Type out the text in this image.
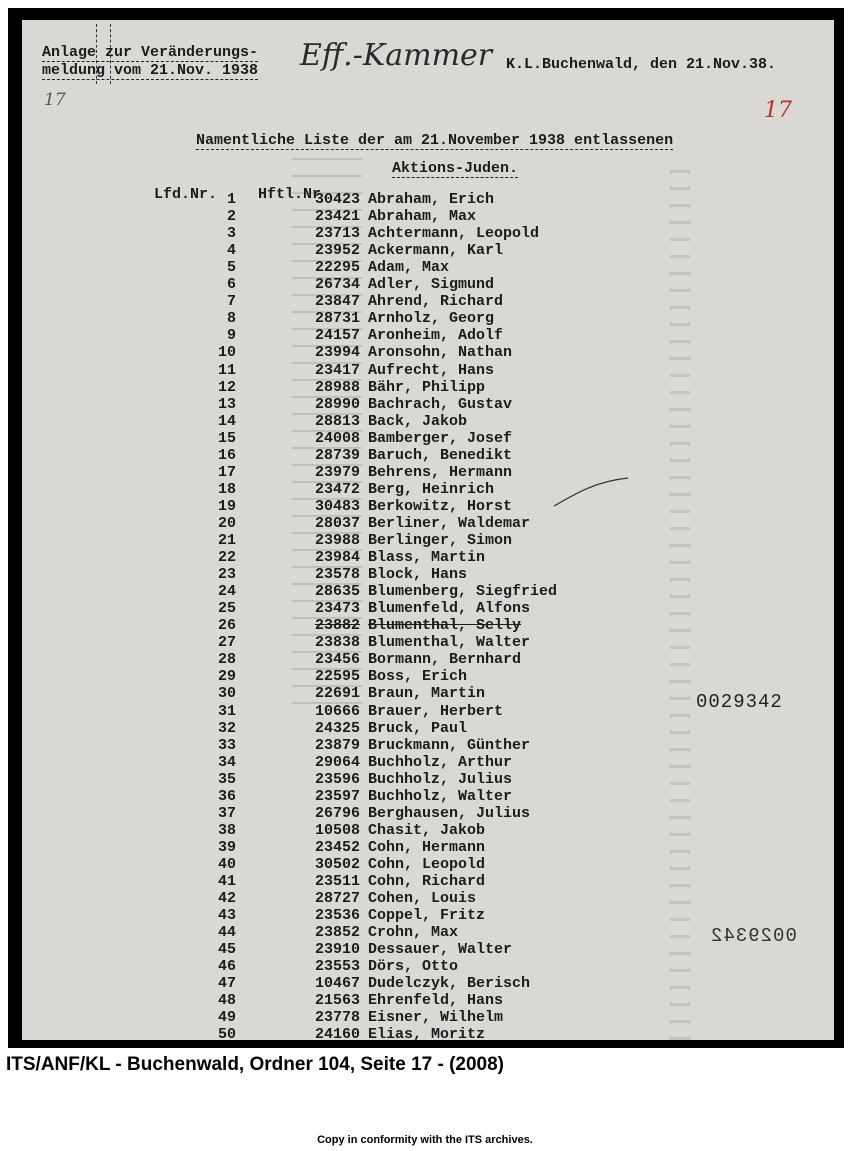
Anlage zur Veränderungs-
meldung vom 21.Nov. 1938 Eff.-Kammer
17	17
K.L.Buchenwald, den 21.Nov.38.
Namentliche Liste der am 21.November 1938 entlassenen
Aktions-Juden.
Lfd.Nr.	Hftl.Nr.
1	30423 Abraham, Erich
2	23421 Abraham, Max
3	23713 Achtermann, Leopold
4	23952 Ackermann, Karl
5	22295 Adam, Max
6	26734 Adler, Sigmund
7	23847 Ahrend, Richard
8	28731 Arnholz, Georg
9	24157 Aronheim, Adolf
10	23994 Aronsohn, Nathan
11	23417 Aufrecht, Hans
12	28988 Bähr, Philipp
13	28990 Bachrach, Gustav
14	28813 Back, Jakob
15	24008 Bamberger, Josef
16	28739 Baruch, Benedikt
17	23979 Behrens, Hermann
18	23472 Berg, Heinrich
19	30483 Berkowitz, Horst
20	28037 Berliner, Waldemar
21	23988 Berlinger, Simon
22	23984 Blass, Martin
23	23578 Block, Hans
24	28635 Blumenberg, Siegfried
25	23473 Blumenfeld, Alfons
26	23882 Blumenthal, Selly
27	23838 Blumenthal, Walter
28	23456 Bormann, Bernhard
29	22595 Boss, Erich
30	22691 Braun, Martin
31	10666 Brauer, Herbert
32	24325 Bruck, Paul
33	23879 Bruckmann, Günther
34	29064 Buchholz, Arthur
35	23596 Buchholz, Julius
36	23597 Buchholz, Walter
37	26796 Berghausen, Julius
38	10508 Chasit, Jakob
39	23452 Cohn, Hermann
40	30502 Cohn, Leopold
41	23511 Cohn, Richard
42	28727 Cohen, Louis
43	23536 Coppel, Fritz
44	23852 Crohn, Max
45	23910 Dessauer, Walter
46	23553 Dörs, Otto
47	10467 Dudelczyk, Berisch
48	21563 Ehrenfeld, Hans
49	23778 Eisner, Wilhelm
50	24160 Elias, Moritz
0029342
0029342
ITS/ANF/KL - Buchenwald, Ordner 104, Seite 17 - (2008)
Copy in conformity with the ITS archives.
